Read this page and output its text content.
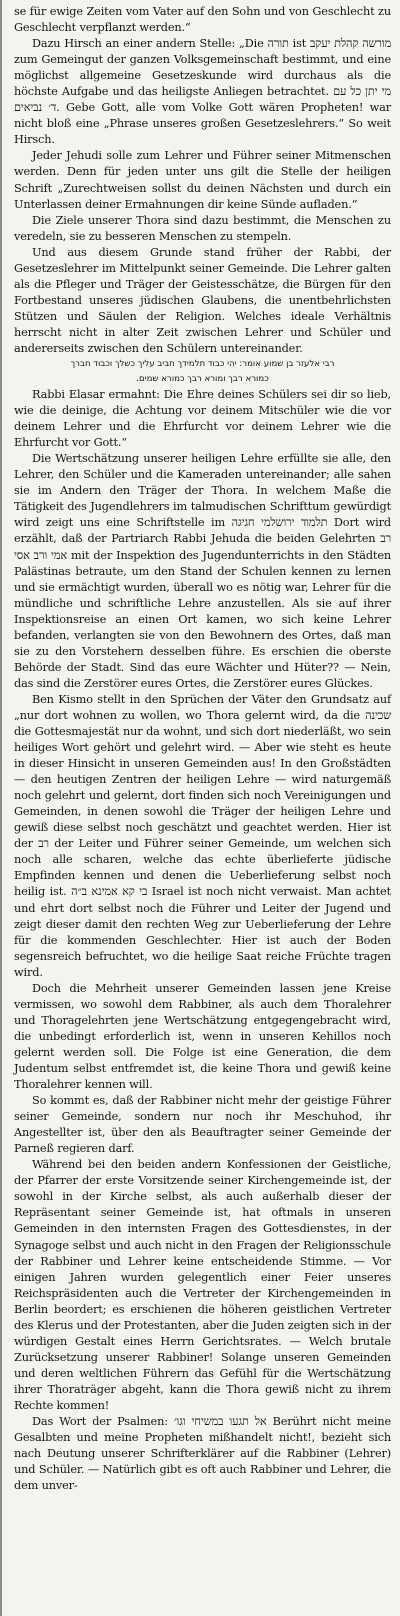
se für ewige Zeiten vom Vater auf den Sohn und von Geschlecht zu Geschlecht verpflanzt werden.“

Dazu Hirsch an einer andern Stelle: „Die תורה ist מורשה קהלת יעקב zum Gemeingut der ganzen Volksgemeinschaft bestimmt, und eine möglichst allgemeine Gesetzeskunde wird durchaus als die höchste Aufgabe und das heiligste Anliegen betrachtet. מי יתן כל עם ד׳ נביאים. Gebe Gott, alle vom Volke Gott wären Propheten! war nicht bloß eine „Phrase unseres großen Gesetzeslehrers.“ So weit Hirsch.

Jeder Jehudi solle zum Lehrer und Führer seiner Mitmenschen werden. Denn für jeden unter uns gilt die Stelle der heiligen Schrift „Zurechtweisen sollst du deinen Nächsten und durch ein Unterlassen deiner Ermahnungen dir keine Sünde aufladen.“

Die Ziele unserer Thora sind dazu bestimmt, die Menschen zu veredeln, sie zu besseren Menschen zu stempeln.

Und aus diesem Grunde stand früher der Rabbi, der Gesetzeslehrer im Mittelpunkt seiner Gemeinde. Die Lehrer galten als die Pfleger und Träger der Geistesschätze, die Bürgen für den Fortbestand unseres jüdischen Glaubens, die unentbehrlichsten Stützen und Säulen der Religion. Welches ideale Verhältnis herrscht nicht in alter Zeit zwischen Lehrer und Schüler und andererseits zwischen den Schülern untereinander.

רבי אלעזר בן שמוע אומר: יהי כבוד תלמידך חביב עליך כשלך וכבוד חברך
כמורא רבך ומורא רבך כמורא שמים.

Rabbi Elasar ermahnt: Die Ehre deines Schülers sei dir so lieb, wie die deinige, die Achtung vor deinem Mitschüler wie die vor deinem Lehrer und die Ehrfurcht vor deinem Lehrer wie die Ehrfurcht vor Gott.“

Die Wertschätzung unserer heiligen Lehre erfüllte sie alle, den Lehrer, den Schüler und die Kameraden untereinander; alle sahen sie im Andern den Träger der Thora. In welchem Maße die Tätigkeit des Jugendlehrers im talmudischen Schrifttum gewürdigt wird zeigt uns eine Schriftstelle im תלמוד ירושלמי חגיגה Dort wird erzählt, daß der Partriarch Rabbi Jehuda die beiden Gelehrten רב אמי ורב אסי mit der Inspektion des Jugendunterrichts in den Städten Palästinas betraute, um den Stand der Schulen kennen zu lernen und sie ermächtigt wurden, überall wo es nötig war, Lehrer für die mündliche und schriftliche Lehre anzustellen. Als sie auf ihrer Inspektionsreise an einen Ort kamen, wo sich keine Lehrer befanden, verlangten sie von den Bewohnern des Ortes, daß man sie zu den Vorstehern desselben führe. Es erschien die oberste Behörde der Stadt. Sind das eure Wächter und Hüter?? — Nein, das sind die Zerstörer eures Ortes, die Zerstörer eures Glückes.

Ben Kismo stellt in den Sprüchen der Väter den Grundsatz auf „nur dort wohnen zu wollen, wo Thora gelernt wird, da die שכינה die Gottesmajestät nur da wohnt, und sich dort niederläßt, wo sein heiliges Wort gehört und gelehrt wird. — Aber wie steht es heute in dieser Hinsicht in unseren Gemeinden aus! In den Großstädten — den heutigen Zentren der heiligen Lehre — wird naturgemäß noch gelehrt und gelernt, dort finden sich noch Vereinigungen und Gemeinden, in denen sowohl die Träger der heiligen Lehre und gewiß diese selbst noch geschätzt und geachtet werden. Hier ist der רב der Leiter und Führer seiner Gemeinde, um welchen sich noch alle scharen, welche das echte überlieferte jüdische Empfinden kennen und denen die Ueberlieferung selbst noch heilig ist. בי קא אמינא ב״ה Israel ist noch nicht verwaist. Man achtet und ehrt dort selbst noch die Führer und Leiter der Jugend und zeigt dieser damit den rechten Weg zur Ueberlieferung der Lehre für die kommenden Geschlechter. Hier ist auch der Boden segensreich befruchtet, wo die heilige Saat reiche Früchte tragen wird.

Doch die Mehrheit unserer Gemeinden lassen jene Kreise vermissen, wo sowohl dem Rabbiner, als auch dem Thoralehrer und Thoragelehrten jene Wertschätzung entgegengebracht wird, die unbedingt erforderlich ist, wenn in unseren Kehillos noch gelernt werden soll. Die Folge ist eine Generation, die dem Judentum selbst entfremdet ist, die keine Thora und gewiß keine Thoralehrer kennen will.

So kommt es, daß der Rabbiner nicht mehr der geistige Führer seiner Gemeinde, sondern nur noch ihr Meschuhod, ihr Angestellter ist, über den als Beauftragter seiner Gemeinde der Parneß regieren darf.

Während bei den beiden andern Konfessionen der Geistliche, der Pfarrer der erste Vorsitzende seiner Kirchengemeinde ist, der sowohl in der Kirche selbst, als auch außerhalb dieser der Repräsentant seiner Gemeinde ist, hat oftmals in unseren Gemeinden in den internsten Fragen des Gottesdienstes, in der Synagoge selbst und auch nicht in den Fragen der Religionsschule der Rabbiner und Lehrer keine entscheidende Stimme. — Vor einigen Jahren wurden gelegentlich einer Feier unseres Reichspräsidenten auch die Vertreter der Kirchengemeinden in Berlin beordert; es erschienen die höheren geistlichen Vertreter des Klerus und der Protestanten, aber die Juden zeigten sich in der würdigen Gestalt eines Herrn Gerichtsrates. — Welch brutale Zurücksetzung unserer Rabbiner! Solange unseren Gemeinden und deren weltlichen Führern das Gefühl für die Wertschätzung ihrer Thoraträger abgeht, kann die Thora gewiß nicht zu ihrem Rechte kommen!

Das Wort der Psalmen: אל תגעו במשיחי וגו׳ Berührt nicht meine Gesalbten und meine Propheten mißhandelt nicht!, bezieht sich nach Deutung unserer Schrifterklärer auf die Rabbiner (Lehrer) und Schüler. — Natürlich gibt es oft auch Rabbiner und Lehrer, die dem unver-
